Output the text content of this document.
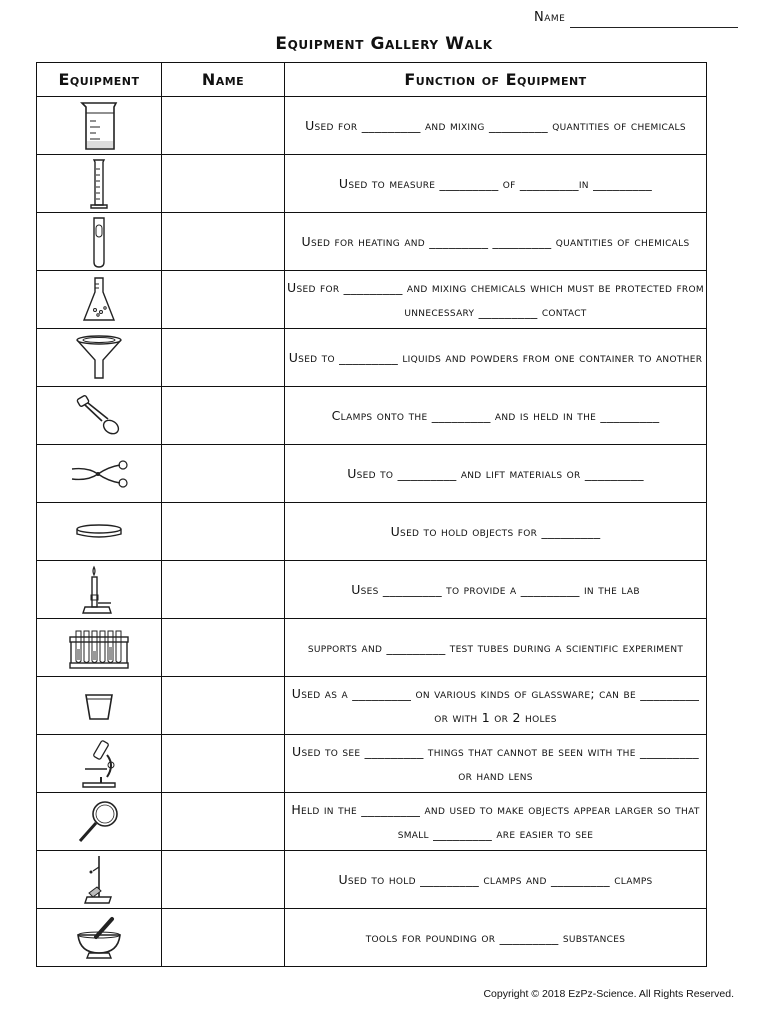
Name
Equipment Gallery Walk
Equipment	Name	Function of Equipment

		Used for _________ and mixing _________ quantities of chemicals

		Used to measure _________ of _________in _________

		Used for heating and _________ _________ quantities of chemicals

		Used for _________ and mixing chemicals which must be protected from unnecessary _________ contact

		Used to _________ liquids and powders from one container to another

		Clamps onto the _________ and is held in the _________

		Used to _________ and lift materials or _________

		Used to hold objects for _________

		Uses _________ to provide a _________ in the lab

		supports and _________ test tubes during a scientific experiment

		Used as a _________ on various kinds of glassware; can be _________ or with 1 or 2 holes

		Used to see _________ things that cannot be seen with the _________ or hand lens

		Held in the _________ and used to make objects appear larger so that small _________ are easier to see

		Used to hold _________ clamps and _________ clamps

		tools for pounding or _________ substances
Copyright © 2018 EzPz-Science. All Rights Reserved.
